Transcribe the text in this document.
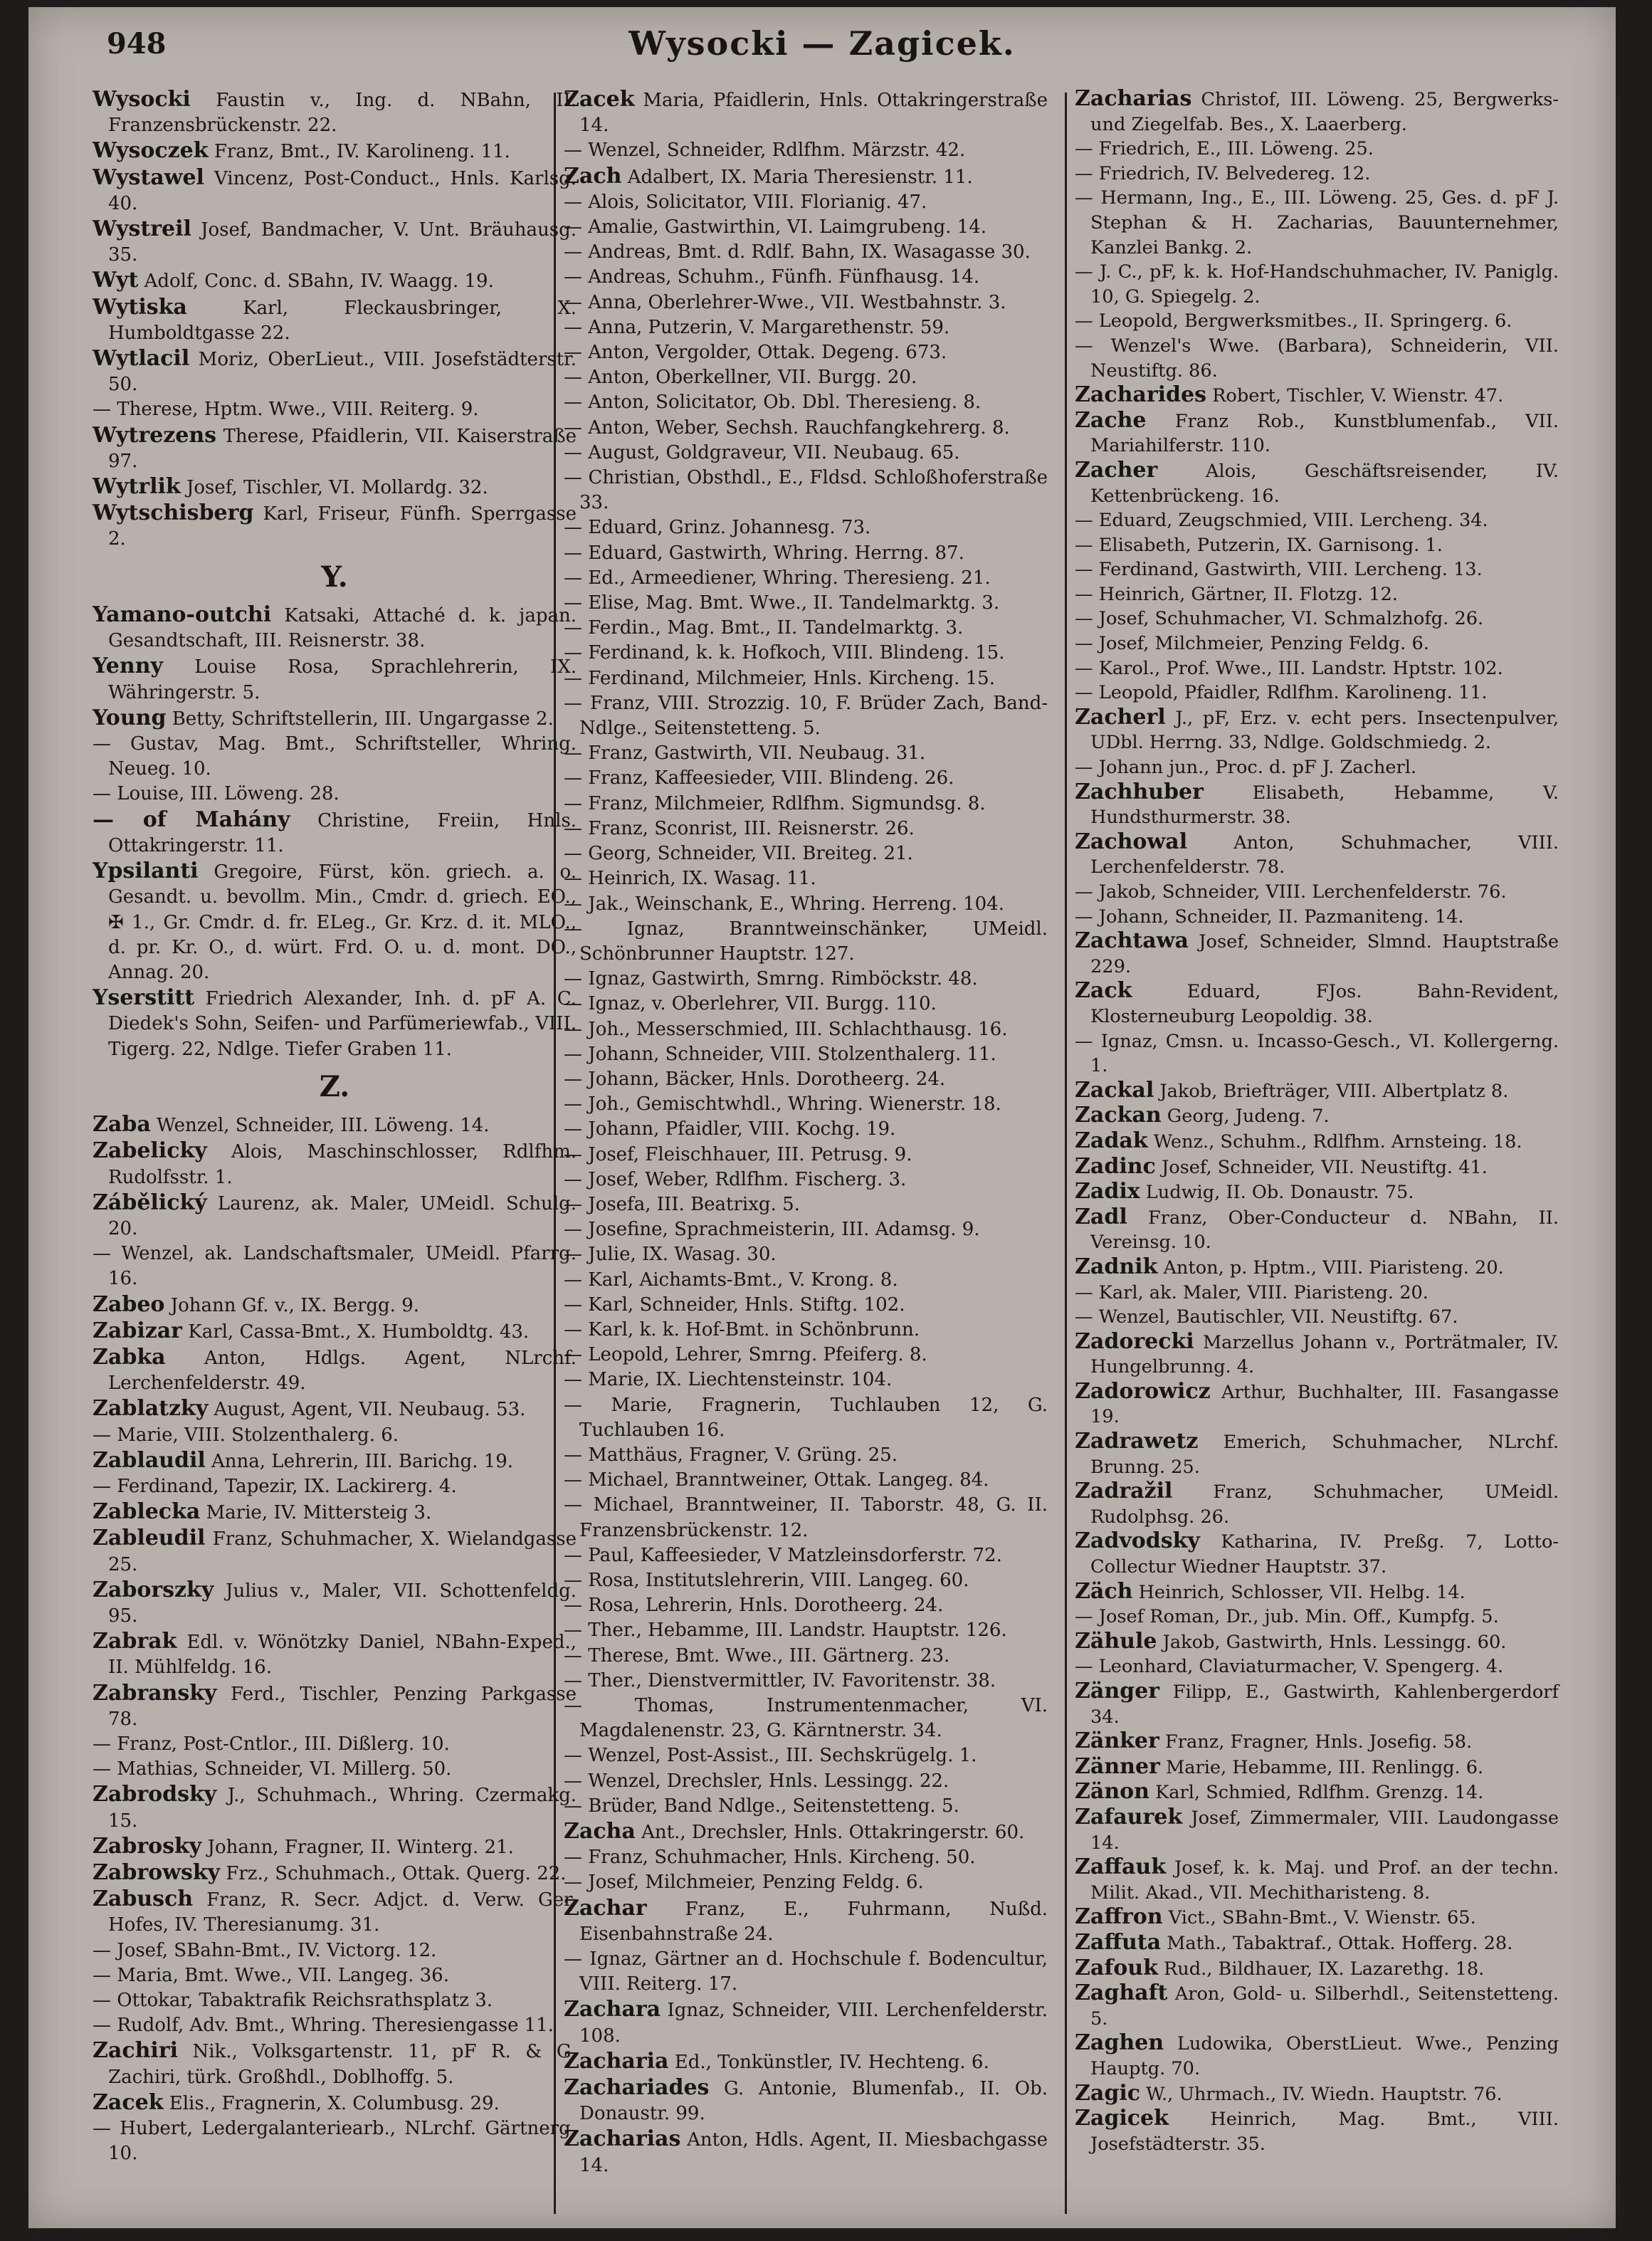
948	Wysocki — Zagicek.

Wysocki Faustin v., Ing. d. NBahn, II. Franzensbrückenstr. 22.

Wysoczek Franz, Bmt., IV. Karolineng. 11.

Wystawel Vincenz, Post-Conduct., Hnls. Karlsg. 40.

Wystreil Josef, Bandmacher, V. Unt. Bräuhausg. 35.

Wyt Adolf, Conc. d. SBahn, IV. Waagg. 19.

Wytiska	Karl, Fleckausbringer, X. Humboldtgasse 22.

Wytlacil Moriz, OberLieut., VIII. Josefstädterstr. 50.

— Therese, Hptm. Wwe., VIII. Reiterg. 9.

Wytrezens Therese, Pfaidlerin, VII. Kaiserstraße 97.

Wytrlik Josef, Tischler, VI. Mollardg. 32.

Wytschisberg Karl, Friseur, Fünfh. Sperrgasse 2.

Y.

Yamano-outchi Katsaki, Attaché d. k. japan. Gesandtschaft, III. Reisnerstr. 38.

Yenny Louise Rosa, Sprachlehrerin, IX. Währingerstr. 5.

Young Betty, Schriftstellerin, III. Ungargasse 2.

— Gustav, Mag. Bmt., Schriftsteller, Whring. Neueg. 10.

— Louise, III. Löweng. 28.

— of Mahány Christine, Freiin, Hnls. Ottakringerstr. 11.

Ypsilanti Gregoire, Fürst, kön. griech. a. o. Gesandt. u. bevollm. Min., Cmdr. d. griech. EO., ✠ 1., Gr. Cmdr. d. fr. ELeg., Gr. Krz. d. it. MLO., d. pr. Kr. O., d. würt. Frd. O. u. d. mont. DO., Annag. 20.

Yserstitt Friedrich Alexander, Inh. d. pF A. C. Diedek's Sohn, Seifen- und Parfümeriewfab., VIII. Tigerg. 22, Ndlge. Tiefer Graben 11.

Z.

Zaba Wenzel, Schneider, III. Löweng. 14.

Zabelicky Alois, Maschinschlosser, Rdlfhm. Rudolfsstr. 1.

Zábělický Laurenz, ak. Maler, UMeidl. Schulg. 20.

— Wenzel, ak. Landschaftsmaler, UMeidl. Pfarrg. 16.

Zabeo Johann Gf. v., IX. Bergg. 9.

Zabizar Karl, Cassa-Bmt., X. Humboldtg. 43.

Zabka Anton, Hdlgs. Agent, NLrchf. Lerchenfelderstr. 49.

Zablatzky August, Agent, VII. Neubaug. 53.

— Marie, VIII. Stolzenthalerg. 6.

Zablaudil Anna, Lehrerin, III. Barichg. 19.

— Ferdinand, Tapezir, IX. Lackirerg. 4.

Zablecka Marie, IV. Mittersteig 3.

Zableudil Franz, Schuhmacher, X. Wielandgasse 25.

Zaborszky Julius v., Maler, VII. Schottenfeldg. 95.

Zabrak Edl. v. Wönötzky Daniel, NBahn-Exped., II. Mühlfeldg. 16.

Zabransky Ferd., Tischler, Penzing Parkgasse 78.

— Franz, Post-Cntlor., III. Dißlerg. 10.

— Mathias, Schneider, VI. Millerg. 50.

Zabrodsky J., Schuhmach., Whring. Czermakg. 15.

Zabrosky Johann, Fragner, II. Winterg. 21.

Zabrowsky Frz., Schuhmach., Ottak. Querg. 22.

Zabusch Franz, R. Secr. Adjct. d. Verw. Ger. Hofes, IV. Theresianumg. 31.

— Josef, SBahn-Bmt., IV. Victorg. 12.

— Maria, Bmt. Wwe., VII. Langeg. 36.

— Ottokar, Tabaktrafik Reichsrathsplatz 3.

— Rudolf, Adv. Bmt., Whring. Theresiengasse 11.

Zachiri Nik., Volksgartenstr. 11, pF R. & G. Zachiri, türk. Großhdl., Doblhoffg. 5.

Zacek Elis., Fragnerin, X. Columbusg. 29.

— Hubert, Ledergalanteriearb., NLrchf. Gärtnerg. 10.

Zacek Maria, Pfaidlerin, Hnls. Ottakringerstraße 14.

— Wenzel, Schneider, Rdlfhm. Märzstr. 42.

Zach Adalbert, IX. Maria Theresienstr. 11.

— Alois, Solicitator, VIII. Florianig. 47.

— Amalie, Gastwirthin, VI. Laimgrubeng. 14.

— Andreas, Bmt. d. Rdlf. Bahn, IX. Wasagasse 30.

— Andreas, Schuhm., Fünfh. Fünfhausg. 14.

— Anna, Oberlehrer-Wwe., VII. Westbahnstr. 3.

— Anna, Putzerin, V. Margarethenstr. 59.

— Anton, Vergolder, Ottak. Degeng. 673.

— Anton, Oberkellner, VII. Burgg. 20.

— Anton, Solicitator, Ob. Dbl. Theresieng. 8.

— Anton, Weber, Sechsh. Rauchfangkehrerg. 8.

— August, Goldgraveur, VII. Neubaug. 65.

— Christian, Obsthdl., E., Fldsd. Schloßhoferstraße 33.

— Eduard, Grinz. Johannesg. 73.

— Eduard, Gastwirth, Whring. Herrng. 87.

— Ed., Armeediener, Whring. Theresieng. 21.

— Elise, Mag. Bmt. Wwe., II. Tandelmarktg. 3.

— Ferdin., Mag. Bmt., II. Tandelmarktg. 3.

— Ferdinand, k. k. Hofkoch, VIII. Blindeng. 15.

— Ferdinand, Milchmeier, Hnls. Kircheng. 15.

— Franz, VIII. Strozzig. 10, F. Brüder Zach, Band-Ndlge., Seitenstetteng. 5.

— Franz, Gastwirth, VII. Neubaug. 31.

— Franz, Kaffeesieder, VIII. Blindeng. 26.

— Franz, Milchmeier, Rdlfhm. Sigmundsg. 8.

— Franz, Sconrist, III. Reisnerstr. 26.

— Georg, Schneider, VII. Breiteg. 21.

— Heinrich, IX. Wasag. 11.

— Jak., Weinschank, E., Whring. Herreng. 104.

— Ignaz, Branntweinschänker, UMeidl. Schönbrunner Hauptstr. 127.

— Ignaz, Gastwirth, Smrng. Rimböckstr. 48.

— Ignaz, v. Oberlehrer, VII. Burgg. 110.

— Joh., Messerschmied, III. Schlachthausg. 16.

— Johann, Schneider, VIII. Stolzenthalerg. 11.

— Johann, Bäcker, Hnls. Dorotheerg. 24.

— Joh., Gemischtwhdl., Whring. Wienerstr. 18.

— Johann, Pfaidler, VIII. Kochg. 19.

— Josef, Fleischhauer, III. Petrusg. 9.

— Josef, Weber, Rdlfhm. Fischerg. 3.

— Josefa, III. Beatrixg. 5.

— Josefine, Sprachmeisterin, III. Adamsg. 9.

— Julie, IX. Wasag. 30.

— Karl, Aichamts-Bmt., V. Krong. 8.

— Karl, Schneider, Hnls. Stiftg. 102.

— Karl, k. k. Hof-Bmt. in Schönbrunn.

— Leopold, Lehrer, Smrng. Pfeiferg. 8.

— Marie, IX. Liechtensteinstr. 104.

— Marie, Fragnerin, Tuchlauben 12, G. Tuchlauben 16.

— Matthäus, Fragner, V. Grüng. 25.

— Michael, Branntweiner, Ottak. Langeg. 84.

— Michael, Branntweiner, II. Taborstr. 48, G. II. Franzensbrückenstr. 12.

— Paul, Kaffeesieder, V Matzleinsdorferstr. 72.

— Rosa, Institutslehrerin, VIII. Langeg. 60.

— Rosa, Lehrerin, Hnls. Dorotheerg. 24.

— Ther., Hebamme, III. Landstr. Hauptstr. 126.

— Therese, Bmt. Wwe., III. Gärtnerg. 23.

— Ther., Dienstvermittler, IV. Favoritenstr. 38.

— Thomas, Instrumentenmacher, VI. Magdalenenstr. 23, G. Kärntnerstr. 34.

— Wenzel, Post-Assist., III. Sechskrügelg. 1.

— Wenzel, Drechsler, Hnls. Lessingg. 22.

— Brüder, Band Ndlge., Seitenstetteng. 5.

Zacha Ant., Drechsler, Hnls. Ottakringerstr. 60.

— Franz, Schuhmacher, Hnls. Kircheng. 50.

— Josef, Milchmeier, Penzing Feldg. 6.

Zachar Franz, E., Fuhrmann, Nußd. Eisenbahnstraße 24.

— Ignaz, Gärtner an d. Hochschule f. Bodencultur, VIII. Reiterg. 17.

Zachara Ignaz, Schneider, VIII. Lerchenfelderstr. 108.

Zacharia Ed., Tonkünstler, IV. Hechteng. 6.

Zachariades G. Antonie, Blumenfab., II. Ob. Donaustr. 99.

Zacharias Anton, Hdls. Agent, II. Miesbachgasse 14.

Zacharias Christof, III. Löweng. 25, Bergwerks- und Ziegelfab. Bes., X. Laaerberg.

— Friedrich, E., III. Löweng. 25.

— Friedrich, IV. Belvedereg. 12.

— Hermann, Ing., E., III. Löweng. 25, Ges. d. pF J. Stephan & H. Zacharias, Bauunternehmer, Kanzlei Bankg. 2.

— J. C., pF, k. k. Hof-Handschuhmacher, IV. Paniglg. 10, G. Spiegelg. 2.

— Leopold, Bergwerksmitbes., II. Springerg. 6.

— Wenzel's Wwe. (Barbara), Schneiderin, VII. Neustiftg. 86.

Zacharides Robert, Tischler, V. Wienstr. 47.

Zache Franz Rob., Kunstblumenfab., VII. Mariahilferstr. 110.

Zacher	Alois, Geschäftsreisender, IV. Kettenbrückeng. 16.

— Eduard, Zeugschmied, VIII. Lercheng. 34.

— Elisabeth, Putzerin, IX. Garnisong. 1.

— Ferdinand, Gastwirth, VIII. Lercheng. 13.

— Heinrich, Gärtner, II. Flotzg. 12.

— Josef, Schuhmacher, VI. Schmalzhofg. 26.

— Josef, Milchmeier, Penzing Feldg. 6.

— Karol., Prof. Wwe., III. Landstr. Hptstr. 102.

— Leopold, Pfaidler, Rdlfhm. Karolineng. 11.

Zacherl J., pF, Erz. v. echt pers. Insectenpulver, UDbl. Herrng. 33, Ndlge. Goldschmiedg. 2.

— Johann jun., Proc. d. pF J. Zacherl.

Zachhuber	Elisabeth, Hebamme, V. Hundsthurmerstr. 38.

Zachowal	Anton, Schuhmacher, VIII. Lerchenfelderstr. 78.

— Jakob, Schneider, VIII. Lerchenfelderstr. 76.

— Johann, Schneider, II. Pazmaniteng. 14.

Zachtawa Josef, Schneider, Slmnd. Hauptstraße 229.

Zack	Eduard, FJos. Bahn-Revident, Klosterneuburg Leopoldig. 38.

— Ignaz, Cmsn. u. Incasso-Gesch., VI. Kollergerng. 1.

Zackal Jakob, Briefträger, VIII. Albertplatz 8.

Zackan Georg, Judeng. 7.

Zadak Wenz., Schuhm., Rdlfhm. Arnsteing. 18.

Zadinc Josef, Schneider, VII. Neustiftg. 41.

Zadix Ludwig, II. Ob. Donaustr. 75.

Zadl Franz, Ober-Conducteur d. NBahn, II. Vereinsg. 10.

Zadnik Anton, p. Hptm., VIII. Piaristeng. 20.

— Karl, ak. Maler, VIII. Piaristeng. 20.

— Wenzel, Bautischler, VII. Neustiftg. 67.

Zadorecki Marzellus Johann v., Porträtmaler, IV. Hungelbrunng. 4.

Zadorowicz Arthur, Buchhalter, III. Fasangasse 19.

Zadrawetz Emerich, Schuhmacher, NLrchf. Brunng. 25.

Zadražil Franz, Schuhmacher, UMeidl. Rudolphsg. 26.

Zadvodsky Katharina, IV. Preßg. 7, Lotto-Collectur Wiedner Hauptstr. 37.

Zäch Heinrich, Schlosser, VII. Helbg. 14.

— Josef Roman, Dr., jub. Min. Off., Kumpfg. 5.

Zähule Jakob, Gastwirth, Hnls. Lessingg. 60.

— Leonhard, Claviaturmacher, V. Spengerg. 4.

Zänger Filipp, E., Gastwirth, Kahlenbergerdorf 34.

Zänker Franz, Fragner, Hnls. Josefig. 58.

Zänner Marie, Hebamme, III. Renlingg. 6.

Zänon Karl, Schmied, Rdlfhm. Grenzg. 14.

Zafaurek Josef, Zimmermaler, VIII. Laudongasse 14.

Zaffauk Josef, k. k. Maj. und Prof. an der techn. Milit. Akad., VII. Mechitharisteng. 8.

Zaffron Vict., SBahn-Bmt., V. Wienstr. 65.

Zaffuta Math., Tabaktraf., Ottak. Hofferg. 28.

Zafouk Rud., Bildhauer, IX. Lazarethg. 18.

Zaghaft Aron, Gold- u. Silberhdl., Seitenstetteng. 5.

Zaghen Ludowika, OberstLieut. Wwe., Penzing Hauptg. 70.

Zagic W., Uhrmach., IV. Wiedn. Hauptstr. 76.

Zagicek Heinrich, Mag. Bmt., VIII. Josefstädterstr. 35.
